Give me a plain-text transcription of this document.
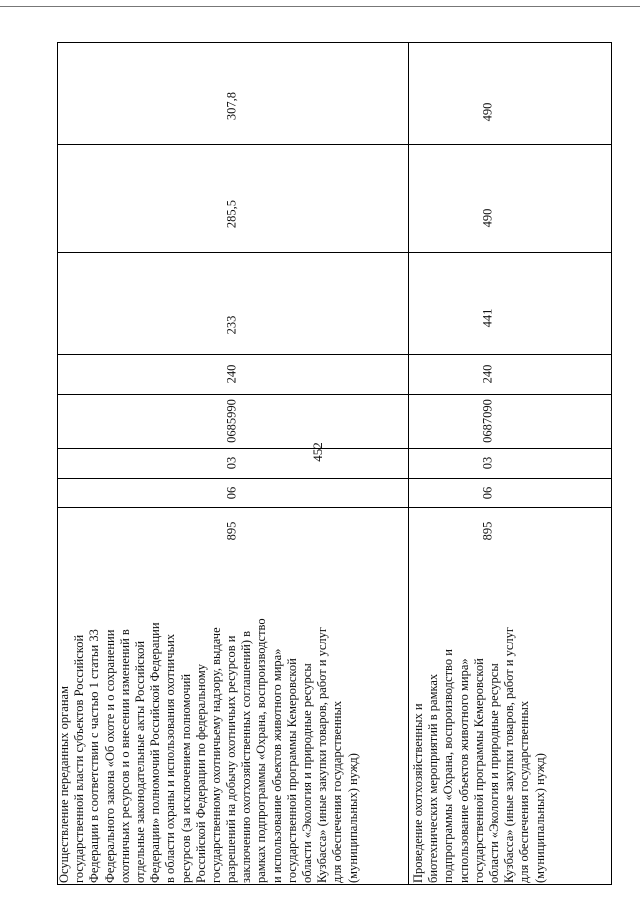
452
Осуществление переданных органам государственной власти субъектов Российской Федерации в соответствии с частью 1 статьи 33 Федерального закона «Об охоте и о сохранении охотничьих ресурсов и о внесении изменений в отдельные законодательные акты Российской Федерации» полномочий Российской Федерации в области охраны и использования охотничьих ресурсов (за исключением полномочий Российской Федерации по федеральному государственному охотничьему надзору, выдаче разрешений на добычу охотничьих ресурсов и заключению охотхозяйственных соглашений) в рамках подпрограммы «Охрана, воспроизводство и использование объектов животного мира» государственной программы Кемеровской области «Экология и природные ресурсы Кузбасса» (иные закупки товаров, работ и услуг для обеспечения государственных (муниципальных) нужд)
895
06
03
0685990
240
233
285,5
307,8
Проведение охотхозяйственных и биотехнических мероприятий в рамках подпрограммы «Охрана, воспроизводство и использование объектов животного мира» государственной программы Кемеровской области «Экология и природные ресурсы Кузбасса» (иные закупки товаров, работ и услуг для обеспечения государственных (муниципальных) нужд)
895
06
03
0687090
240
441
490
490
